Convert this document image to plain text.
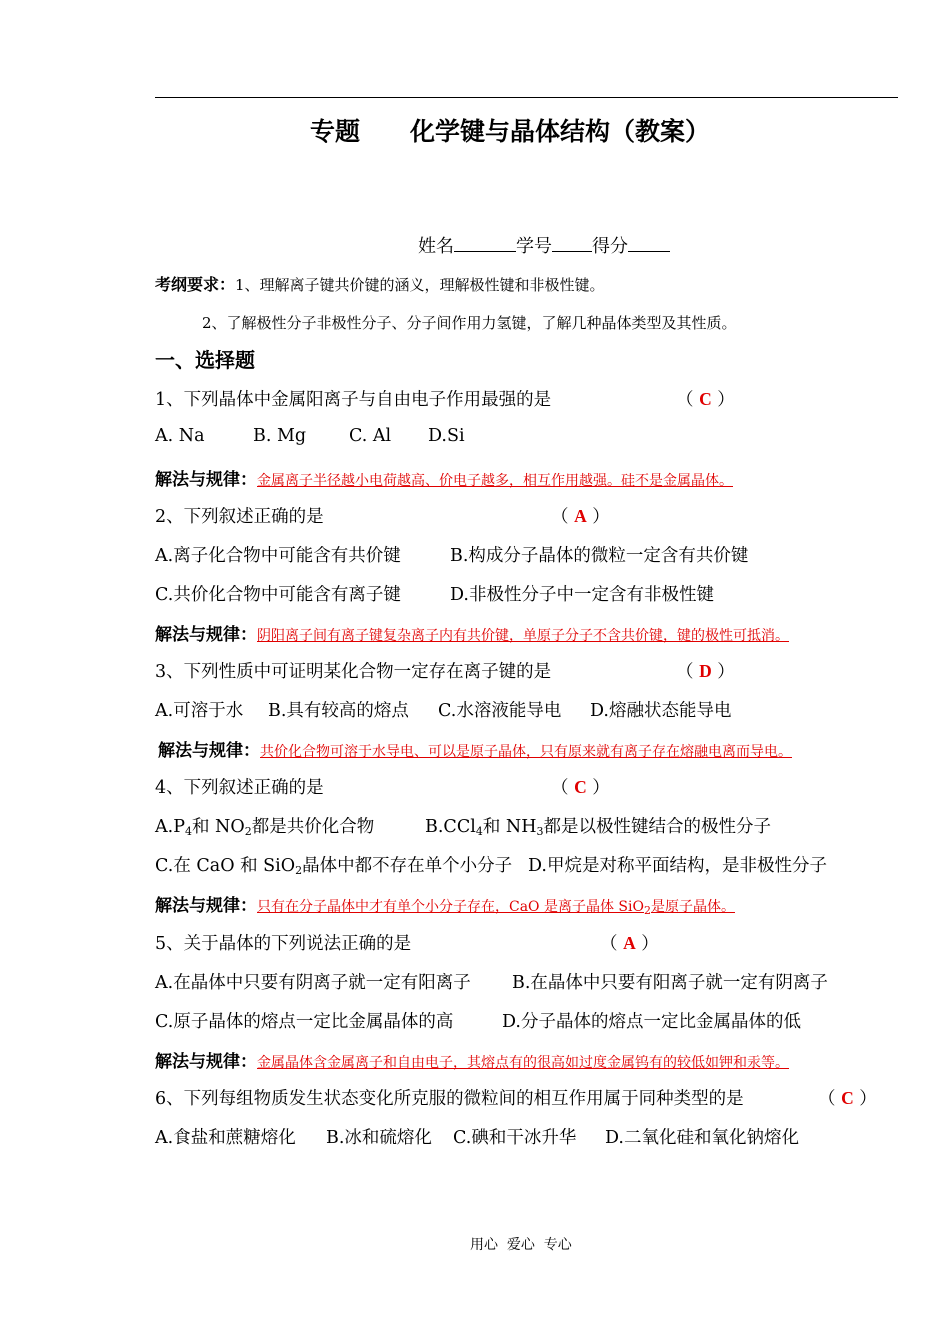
专题 化学键与晶体结构（教案）
姓名	学号 得分
考纲要求：1、理解离子键共价键的涵义，理解极性键和非极性键。
2、了解极性分子非极性分子、分子间作用力氢键，了解几种晶体类型及其性质。
一、选择题
1、下列晶体中金属阳离子与自由电子作用最强的是	（ C ）
A. Na	B. Mg C. Al D.Si
解法与规律：金属离子半径越小电荷越高、价电子越多，相互作用越强。硅不是金属晶体。
2、下列叙述正确的是	（ A ）
A.离子化合物中可能含有共价键	B.构成分子晶体的微粒一定含有共价键
C.共价化合物中可能含有离子键	D.非极性分子中一定含有非极性键
解法与规律：阴阳离子间有离子键复杂离子内有共价键，单原子分子不含共价键，键的极性可抵消。
3、下列性质中可证明某化合物一定存在离子键的是	（ D ）
A.可溶于水 B.具有较高的熔点 C.水溶液能导电 D.熔融状态能导电
解法与规律：共价化合物可溶于水导电、可以是原子晶体，只有原来就有离子存在熔融电离而导电。
4、下列叙述正确的是	（ C ）
$A.P_4$和 $NO_2$都是共价化合物	B.CCl$_4$和 $NH_3$都是以极性键结合的极性分子
C.在 CaO 和 SiO$_2$晶体中都不存在单个小分子 D.甲烷是对称平面结构，是非极性分子
解法与规律：只有在分子晶体中才有单个小分子存在，CaO 是离子晶体 SiO$_2$是原子晶体。
5、关于晶体的下列说法正确的是	（ A ）
A.在晶体中只要有阴离子就一定有阳离子 B.在晶体中只要有阳离子就一定有阴离子
C.原子晶体的熔点一定比金属晶体的高	D.分子晶体的熔点一定比金属晶体的低
解法与规律：金属晶体含金属离子和自由电子，其熔点有的很高如过度金属钨有的较低如钾和汞等。
6、下列每组物质发生状态变化所克服的微粒间的相互作用属于同种类型的是	（ C ）
A.食盐和蔗糖熔化 B.冰和硫熔化 C.碘和干冰升华 D.二氧化硅和氧化钠熔化
用心  爱心  专心
